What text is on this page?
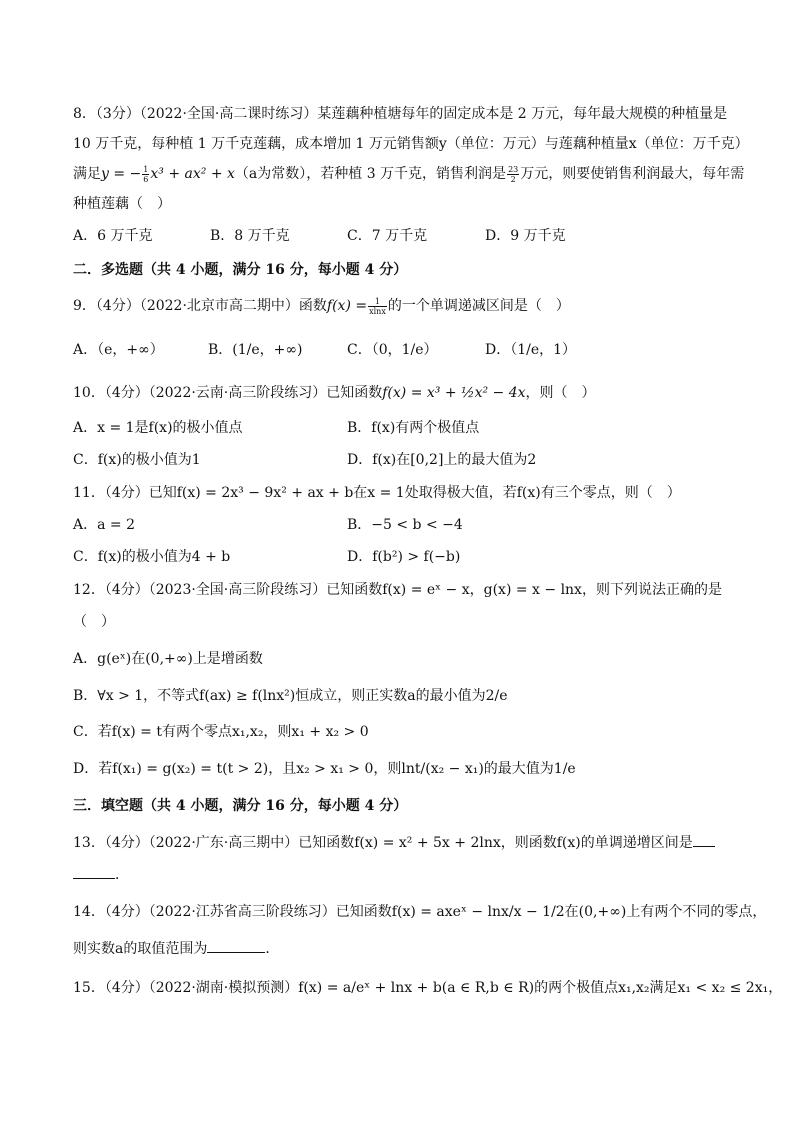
8．（3分）（2022·全国·高二课时练习）某莲藕种植塘每年的固定成本是 2 万元，每年最大规模的种植量是
10 万千克，每种植 1 万千克莲藕，成本增加 1 万元销售额y（单位：万元）与莲藕种植量x（单位：万千克）
满足y = − $\frac{1}{6} x^3 + ax^2 + x(a$为常数），若种植 3 万千克，销售利润是 $\frac{23}{2}$ 万元，则要使销售利润最大，每年需
种植莲藕（　）
A．6 万千克	B．8 万千克	C．7 万千克	D．9 万千克
二．多选题（共 4 小题，满分 16 分，每小题 4 分）
9．（4分）（2022·北京市高二期中）函数$f(x) = \frac{1}{xlnx}$ 的一个单调递减区间是（　）
A．（e，+∞）	B．(1/e，+∞)	C．（0，1/e）	D．（1/e，1）
10．（4分）（2022·云南·高三阶段练习）已知函数f(x) = x³ + ½x² − 4x，则（　）
A．x = 1是f(x)的极小值点	B．f(x)有两个极值点
C．f(x)的极小值为1	D．f(x)在[0,2]上的最大值为2
11．（4分）已知f(x) = 2x³ − 9x² + ax + b在x = 1处取得极大值，若f(x)有三个零点，则（　）
A．a = 2	B．−5 < b < −4
C．f(x)的极小值为4 + b	D．f(b²) > f(−b)
12．（4分）（2023·全国·高三阶段练习）已知函数f(x) = eˣ − x，g(x) = x − lnx，则下列说法正确的是
（　）
A．g(eˣ)在(0,+∞)上是增函数
B．∀x > 1，不等式f(ax) ≥ f(lnx²)恒成立，则正实数a的最小值为2/e
C．若f(x) = t有两个零点x₁,x₂，则x₁ + x₂ > 0
D．若f(x₁) = g(x₂) = t(t > 2)，且x₂ > x₁ > 0，则lnt/(x₂ − x₁)的最大值为1/e
三．填空题（共 4 小题，满分 16 分，每小题 4 分）
13．（4分）（2022·广东·高三期中）已知函数f(x) = x² + 5x + 2lnx，则函数f(x)的单调递增区间是
．
14．（4分）（2022·江苏省高三阶段练习）已知函数f(x) = axeˣ − lnx/x − 1/2在(0,+∞)上有两个不同的零点，
则实数a的取值范围为	．
15．（4分）（2022·湖南·模拟预测）f(x) = a/eˣ + lnx + b(a ∈ R,b ∈ R)的两个极值点x₁,x₂满足x₁ < x₂ ≤ 2x₁，
